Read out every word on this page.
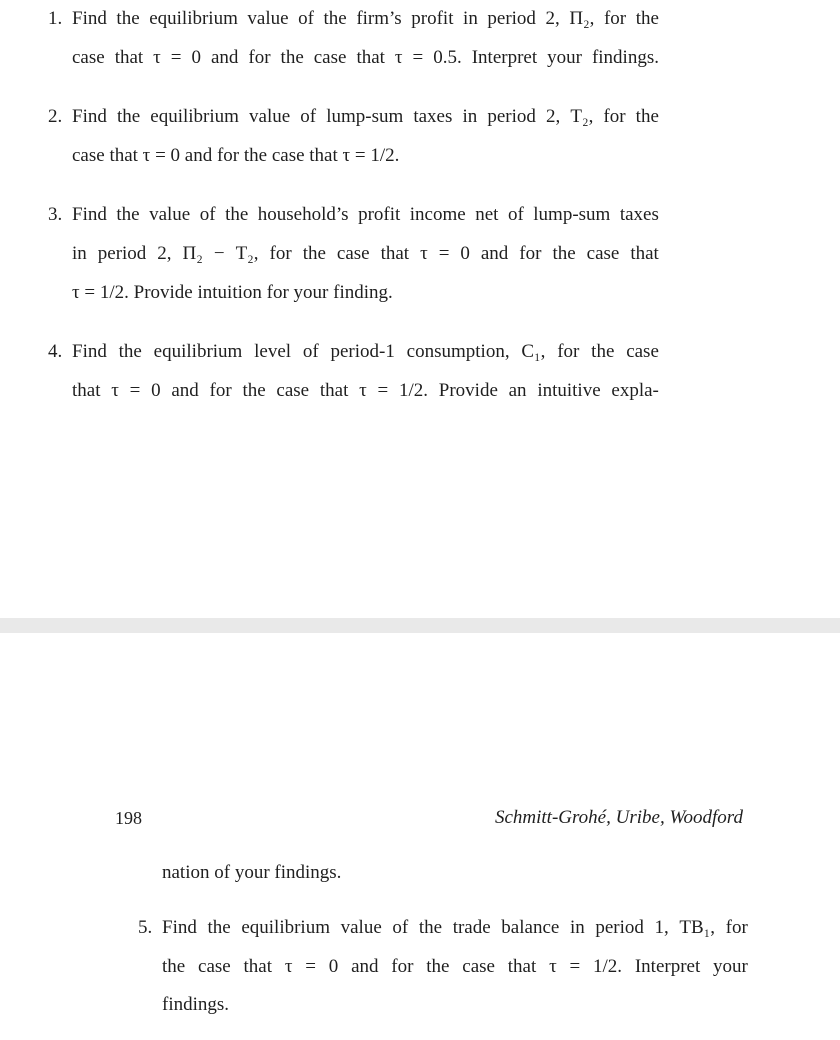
1. Find the equilibrium value of the firm’s profit in period 2, Π₂, for the
case that τ = 0 and for the case that τ = 0.5. Interpret your findings.
2. Find the equilibrium value of lump-sum taxes in period 2, T₂, for the
case that τ = 0 and for the case that τ = 1/2.
3. Find the value of the household’s profit income net of lump-sum taxes
in period 2, Π₂ − T₂, for the case that τ = 0 and for the case that
τ = 1/2. Provide intuition for your finding.
4. Find the equilibrium level of period-1 consumption, C₁, for the case
that τ = 0 and for the case that τ = 1/2. Provide an intuitive expla-
198	Schmitt-Grohé, Uribe, Woodford
nation of your findings.
5. Find the equilibrium value of the trade balance in period 1, TB₁, for
the case that τ = 0 and for the case that τ = 1/2. Interpret your
findings.
